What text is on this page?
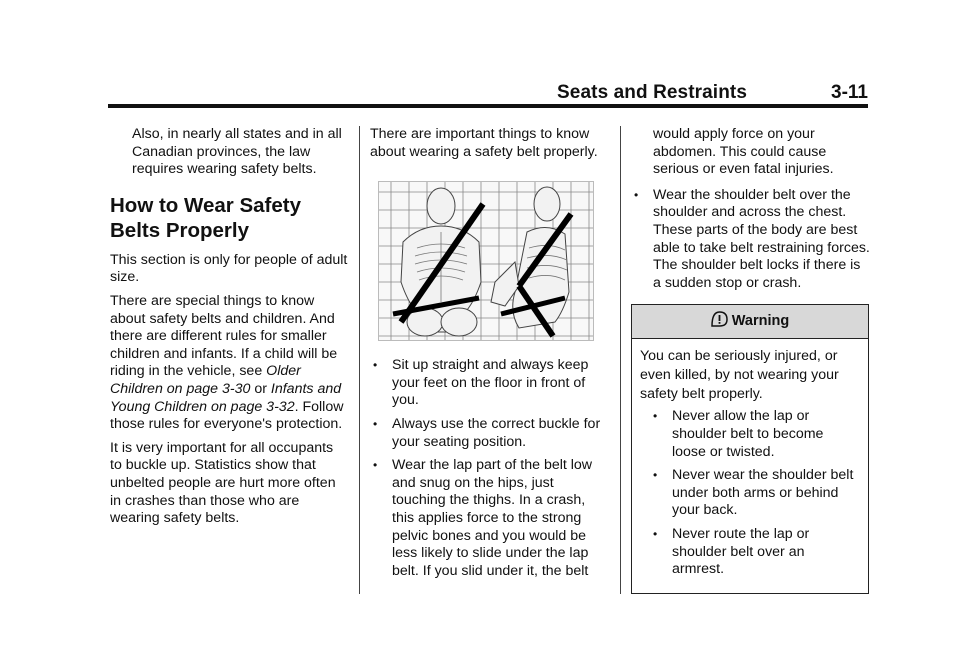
Seats and Restraints	3-11

Also, in nearly all states and in all Canadian provinces, the law requires wearing safety belts.

How to Wear Safety Belts Properly

This section is only for people of adult size.

There are special things to know about safety belts and children. And there are different rules for smaller children and infants. If a child will be riding in the vehicle, see Older Children on page 3-30 or Infants and Young Children on page 3-32. Follow those rules for everyone's protection.

It is very important for all occupants to buckle up. Statistics show that unbelted people are hurt more often in crashes than those who are wearing safety belts.

There are important things to know about wearing a safety belt properly.

• Sit up straight and always keep your feet on the floor in front of you.
• Always use the correct buckle for your seating position.
• Wear the lap part of the belt low and snug on the hips, just touching the thighs. In a crash, this applies force to the strong pelvic bones and you would be less likely to slide under the lap belt. If you slid under it, the belt

would apply force on your abdomen. This could cause serious or even fatal injuries.

• Wear the shoulder belt over the shoulder and across the chest. These parts of the body are best able to take belt restraining forces. The shoulder belt locks if there is a sudden stop or crash.
Warning

You can be seriously injured, or even killed, by not wearing your safety belt properly.

• Never allow the lap or shoulder belt to become loose or twisted.
• Never wear the shoulder belt under both arms or behind your back.
• Never route the lap or shoulder belt over an armrest.
